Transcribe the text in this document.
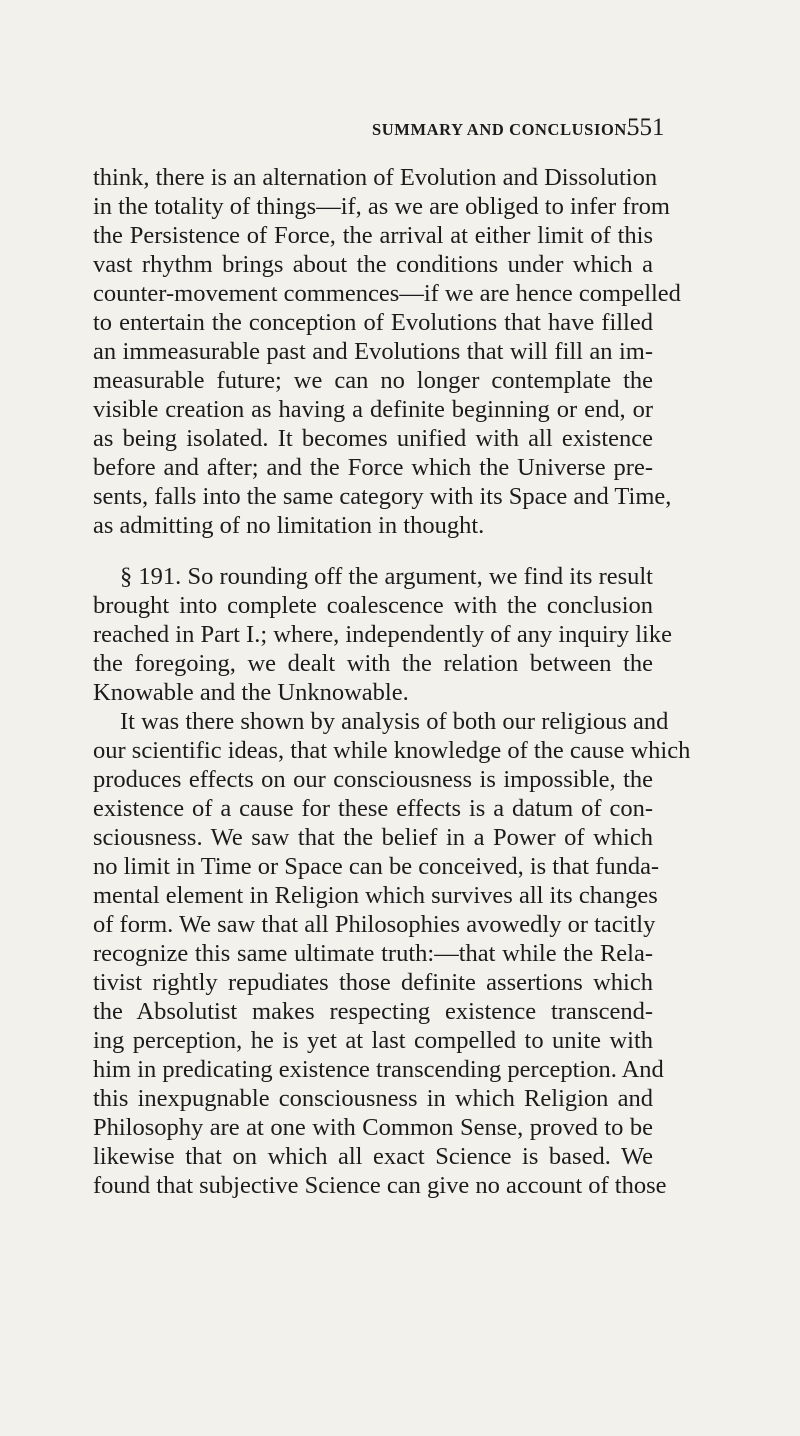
SUMMARY AND CONCLUSION.
551
think, there is an alternation of Evolution and Dissolution
in the totality of things—if, as we are obliged to infer from
the Persistence of Force, the arrival at either limit of this
vast rhythm brings about the conditions under which a
counter-movement commences—if we are hence compelled
to entertain the conception of Evolutions that have filled
an immeasurable past and Evolutions that will fill an im-
measurable future; we can no longer contemplate the
visible creation as having a definite beginning or end, or
as being isolated. It becomes unified with all existence
before and after; and the Force which the Universe pre-
sents, falls into the same category with its Space and Time,
as admitting of no limitation in thought.
§ 191. So rounding off the argument, we find its result
brought into complete coalescence with the conclusion
reached in Part I.; where, independently of any inquiry like
the foregoing, we dealt with the relation between the
Knowable and the Unknowable.
It was there shown by analysis of both our religious and
our scientific ideas, that while knowledge of the cause which
produces effects on our consciousness is impossible, the
existence of a cause for these effects is a datum of con-
sciousness. We saw that the belief in a Power of which
no limit in Time or Space can be conceived, is that funda-
mental element in Religion which survives all its changes
of form. We saw that all Philosophies avowedly or tacitly
recognize this same ultimate truth:—that while the Rela-
tivist rightly repudiates those definite assertions which
the Absolutist makes respecting existence transcend-
ing perception, he is yet at last compelled to unite with
him in predicating existence transcending perception. And
this inexpugnable consciousness in which Religion and
Philosophy are at one with Common Sense, proved to be
likewise that on which all exact Science is based. We
found that subjective Science can give no account of those
